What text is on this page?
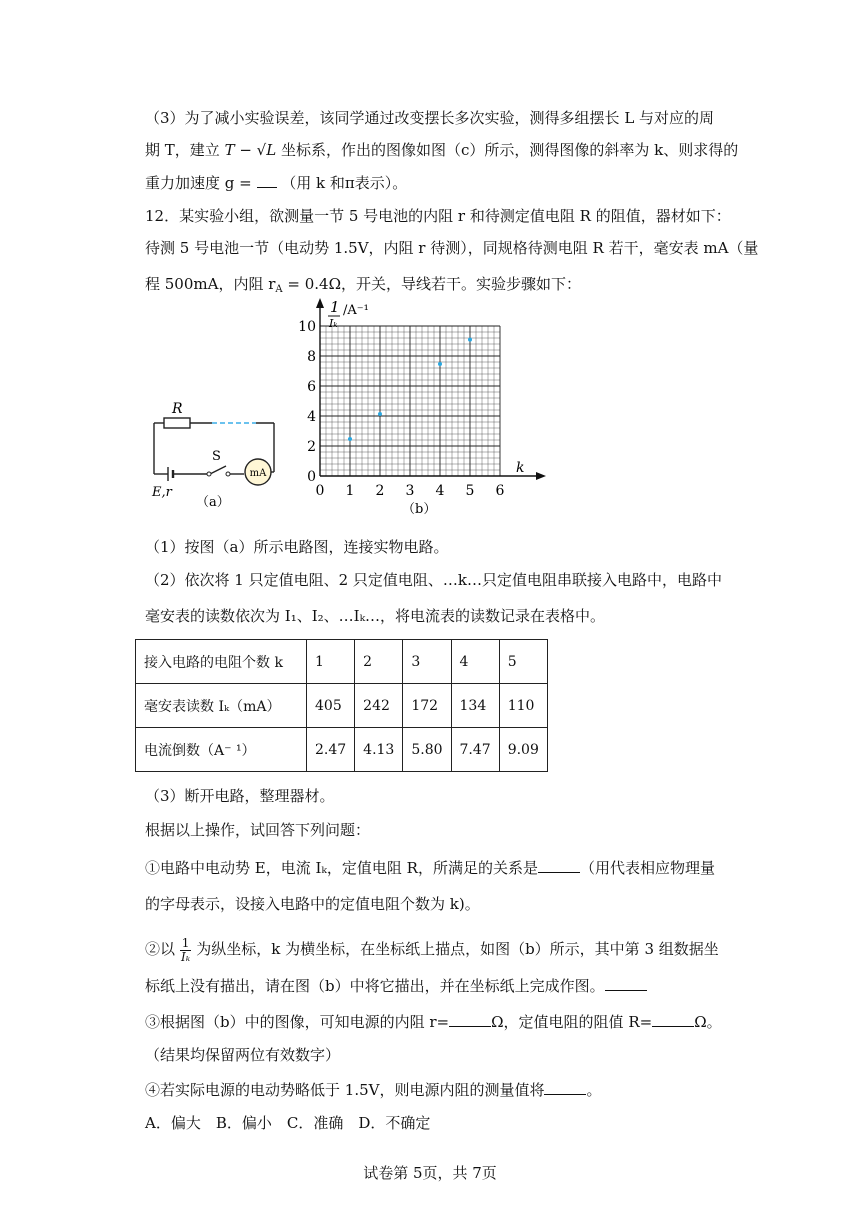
（3）为了减小实验误差，该同学通过改变摆长多次实验，测得多组摆长 L 与对应的周
期 T，建立 T − √L 坐标系，作出的图像如图（c）所示，测得图像的斜率为 k、则求得的
重力加速度 g = （用 k 和π表示）。
12．某实验小组，欲测量一节 5 号电池的内阻 r 和待测定值电阻 R 的阻值，器材如下：
待测 5 号电池一节（电动势 1.5V，内阻 r 待测），同规格待测电阻 R 若干，毫安表 mA（量
程 500mA，内阻 $r_A = 0.4\Omega$，开关，导线若干。实验步骤如下：
R
S
mA
E,r
（a）
0 1 2 3 4 5 6
0
2
4
6
8
10
1
Iₖ
/A⁻¹
k
（b）
（1）按图（a）所示电路图，连接实物电路。
（2）依次将 1 只定值电阻、2 只定值电阻、…k…只定值电阻串联接入电路中，电路中
毫安表的读数依次为 I₁、I₂、…Iₖ…，将电流表的读数记录在表格中。
接入电路的电阻个数 k	1	2	3	4	5
毫安表读数 Iₖ（mA）	405	242	172	134	110
电流倒数（A⁻ ¹）	2.47	4.13	5.80	7.47	9.09
（3）断开电路，整理器材。
根据以上操作，试回答下列问题：
①电路中电动势 E，电流 Iₖ，定值电阻 R，所满足的关系是	（用代表相应物理量
的字母表示，设接入电路中的定值电阻个数为 k)。
②以 $\frac{1}{\text{Iₖ}}$ 为纵坐标，k 为横坐标，在坐标纸上描点，如图（b）所示，其中第 3 组数据坐
标纸上没有描出，请在图（b）中将它描出，并在坐标纸上完成作图。
③根据图（b）中的图像，可知电源的内阻 r=	Ω，定值电阻的阻值 R=	Ω。
（结果均保留两位有效数字）
④若实际电源的电动势略低于 1.5V，则电源内阻的测量值将	。
A．偏大　B．偏小　C．准确　D．不确定
试卷第 5页，共 7页
